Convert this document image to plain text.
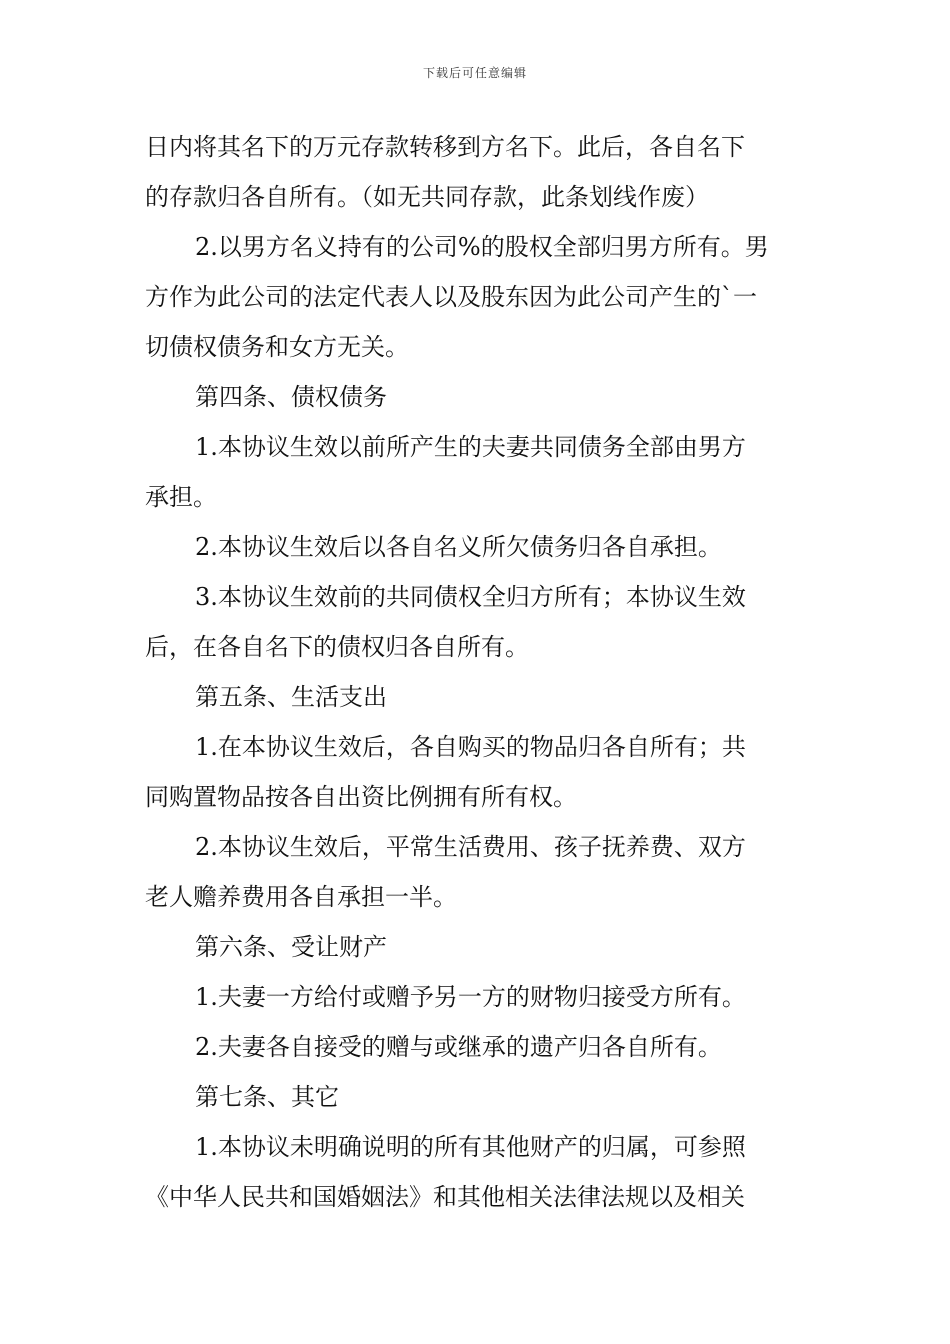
下载后可任意编辑
日内将其名下的万元存款转移到方名下。此后，各自名下
的存款归各自所有。（如无共同存款，此条划线作废）
2.以男方名义持有的公司%的股权全部归男方所有。男
方作为此公司的法定代表人以及股东因为此公司产生的`一
切债权债务和女方无关。
第四条、债权债务
1.本协议生效以前所产生的夫妻共同债务全部由男方
承担。
2.本协议生效后以各自名义所欠债务归各自承担。
3.本协议生效前的共同债权全归方所有；本协议生效
后，在各自名下的债权归各自所有。
第五条、生活支出
1.在本协议生效后，各自购买的物品归各自所有；共
同购置物品按各自出资比例拥有所有权。
2.本协议生效后，平常生活费用、孩子抚养费、双方
老人赡养费用各自承担一半。
第六条、受让财产
1.夫妻一方给付或赠予另一方的财物归接受方所有。
2.夫妻各自接受的赠与或继承的遗产归各自所有。
第七条、其它
1.本协议未明确说明的所有其他财产的归属，可参照
《中华人民共和国婚姻法》和其他相关法律法规以及相关
